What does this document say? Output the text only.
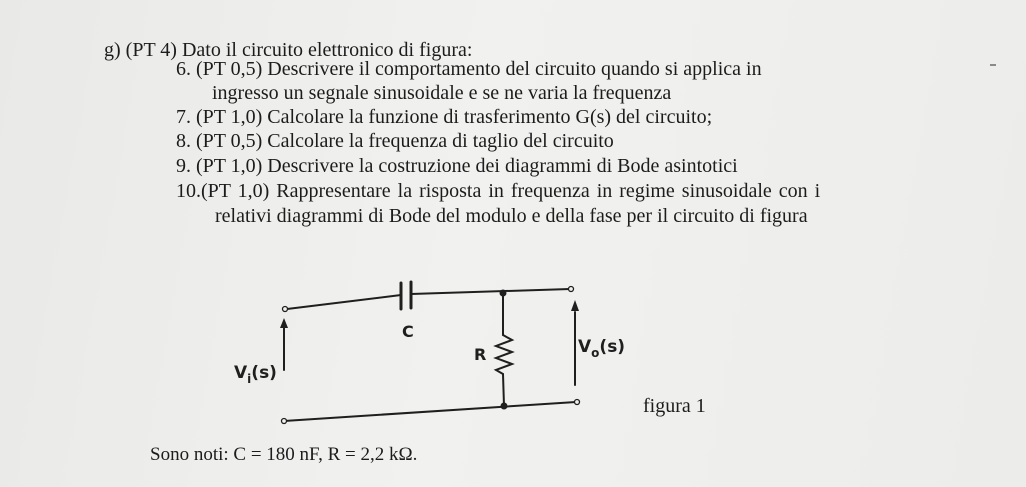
g) (PT 4) Dato il circuito elettronico di figura:
6. (PT 0,5) Descrivere il comportamento del circuito quando si applica in
ingresso un segnale sinusoidale e se ne varia la frequenza
7. (PT 1,0) Calcolare la funzione di trasferimento G(s) del circuito;
8. (PT 0,5) Calcolare la frequenza di taglio del circuito
9. (PT 1,0) Descrivere la costruzione dei diagrammi di Bode asintotici
10.(PT 1,0) Rappresentare la risposta in frequenza in regime sinusoidale con i
relativi diagrammi di Bode del modulo e della fase per il circuito di figura
C
R
$V_i(s)$
$V_o(s)$
figura 1
Sono noti: C = 180 nF, R = 2,2 kΩ.
